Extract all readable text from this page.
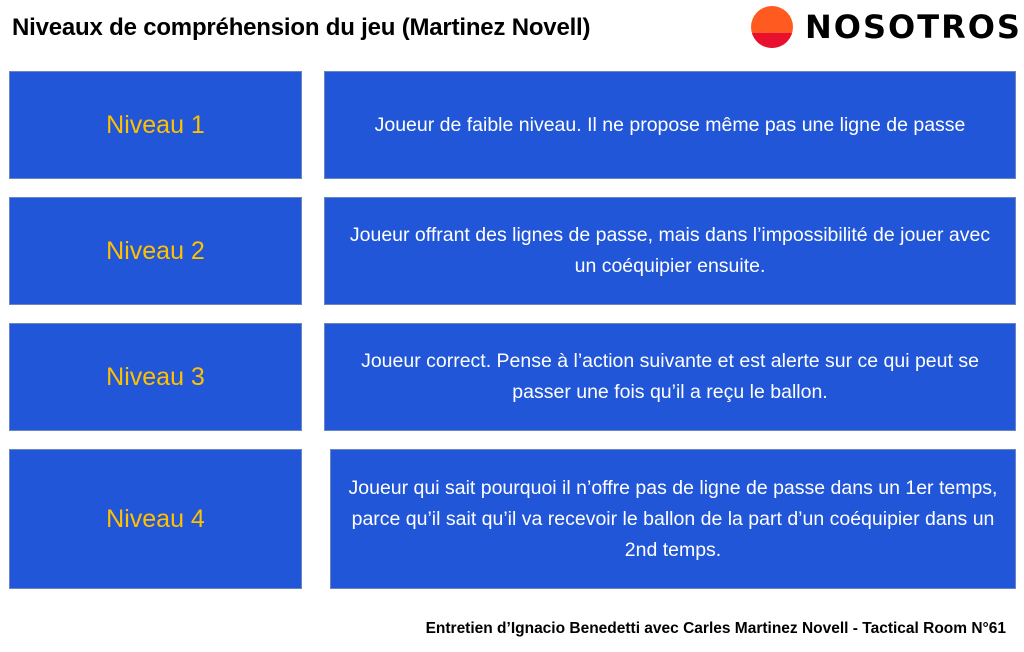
Niveaux de compréhension du jeu (Martinez Novell)	NOSOTROS
Niveau 1	Joueur de faible niveau. Il ne propose même pas une ligne de passe
Niveau 2
Joueur offrant des lignes de passe, mais dans l’impossibilité de jouer avec un coéquipier ensuite.
Niveau 3
Joueur correct. Pense à l’action suivante et est alerte sur ce qui peut se passer une fois qu’il a reçu le ballon.
Niveau 4
Joueur qui sait pourquoi il n’offre pas de ligne de passe dans un 1er temps, parce qu’il sait qu’il va recevoir le ballon de la part d’un coéquipier dans un 2nd temps.
Entretien d’Ignacio Benedetti avec Carles Martinez Novell - Tactical Room N°61
